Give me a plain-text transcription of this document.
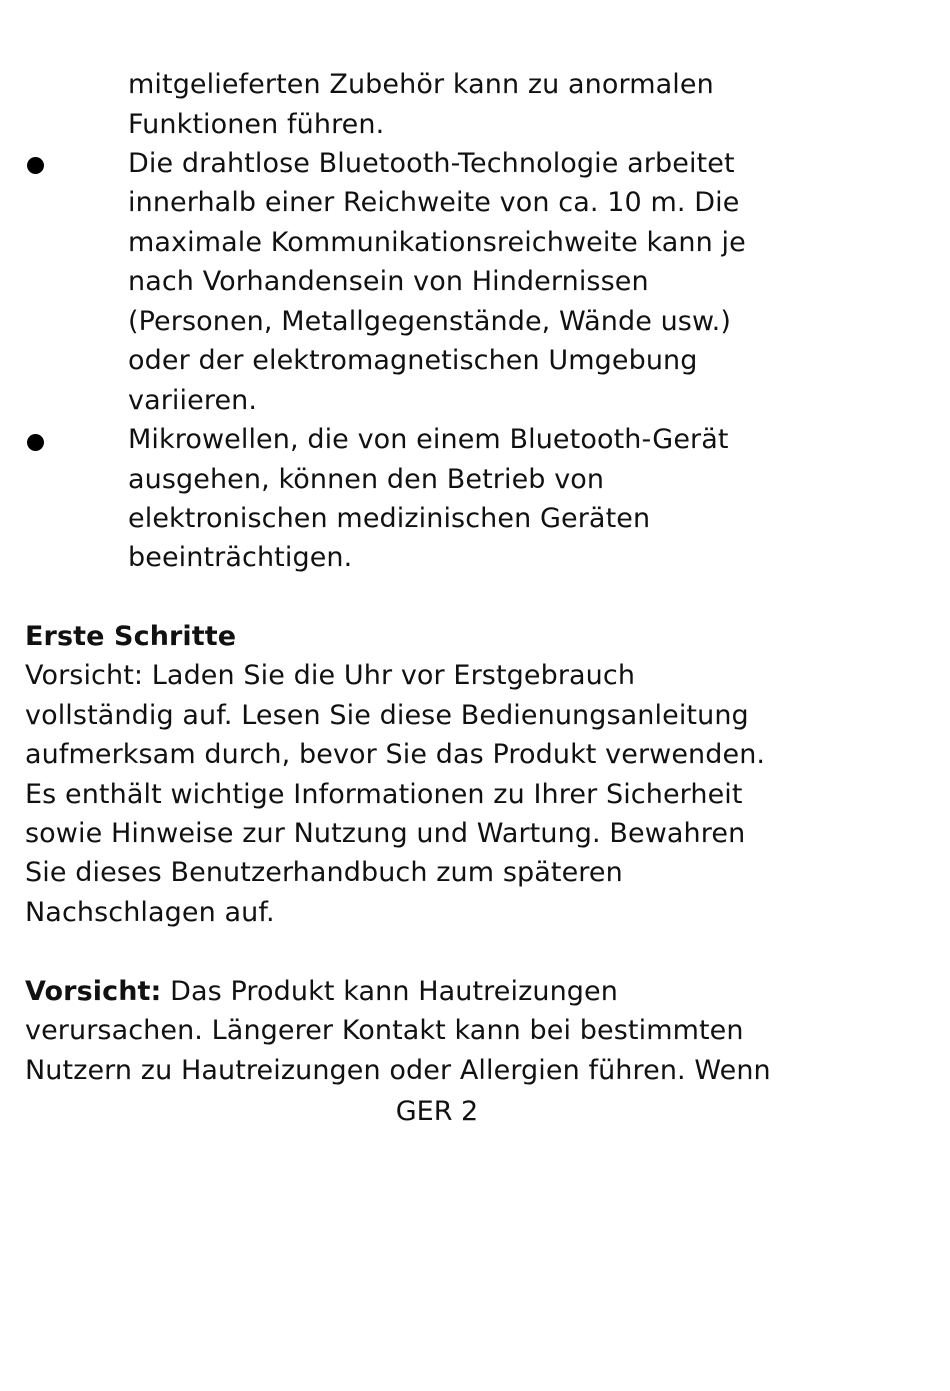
mitgelieferten Zubehör kann zu anormalen
Funktionen führen.
Die drahtlose Bluetooth-Technologie arbeitet
innerhalb einer Reichweite von ca. 10 m. Die
maximale Kommunikationsreichweite kann je
nach Vorhandensein von Hindernissen
(Personen, Metallgegenstände, Wände usw.)
oder der elektromagnetischen Umgebung
variieren.
Mikrowellen, die von einem Bluetooth-Gerät
ausgehen, können den Betrieb von
elektronischen medizinischen Geräten
beeinträchtigen.
Erste Schritte
Vorsicht: Laden Sie die Uhr vor Erstgebrauch
vollständig auf. Lesen Sie diese Bedienungsanleitung
aufmerksam durch, bevor Sie das Produkt verwenden.
Es enthält wichtige Informationen zu Ihrer Sicherheit
sowie Hinweise zur Nutzung und Wartung. Bewahren
Sie dieses Benutzerhandbuch zum späteren
Nachschlagen auf.
Vorsicht: Das Produkt kann Hautreizungen
verursachen. Längerer Kontakt kann bei bestimmten
Nutzern zu Hautreizungen oder Allergien führen. Wenn
GER 2
